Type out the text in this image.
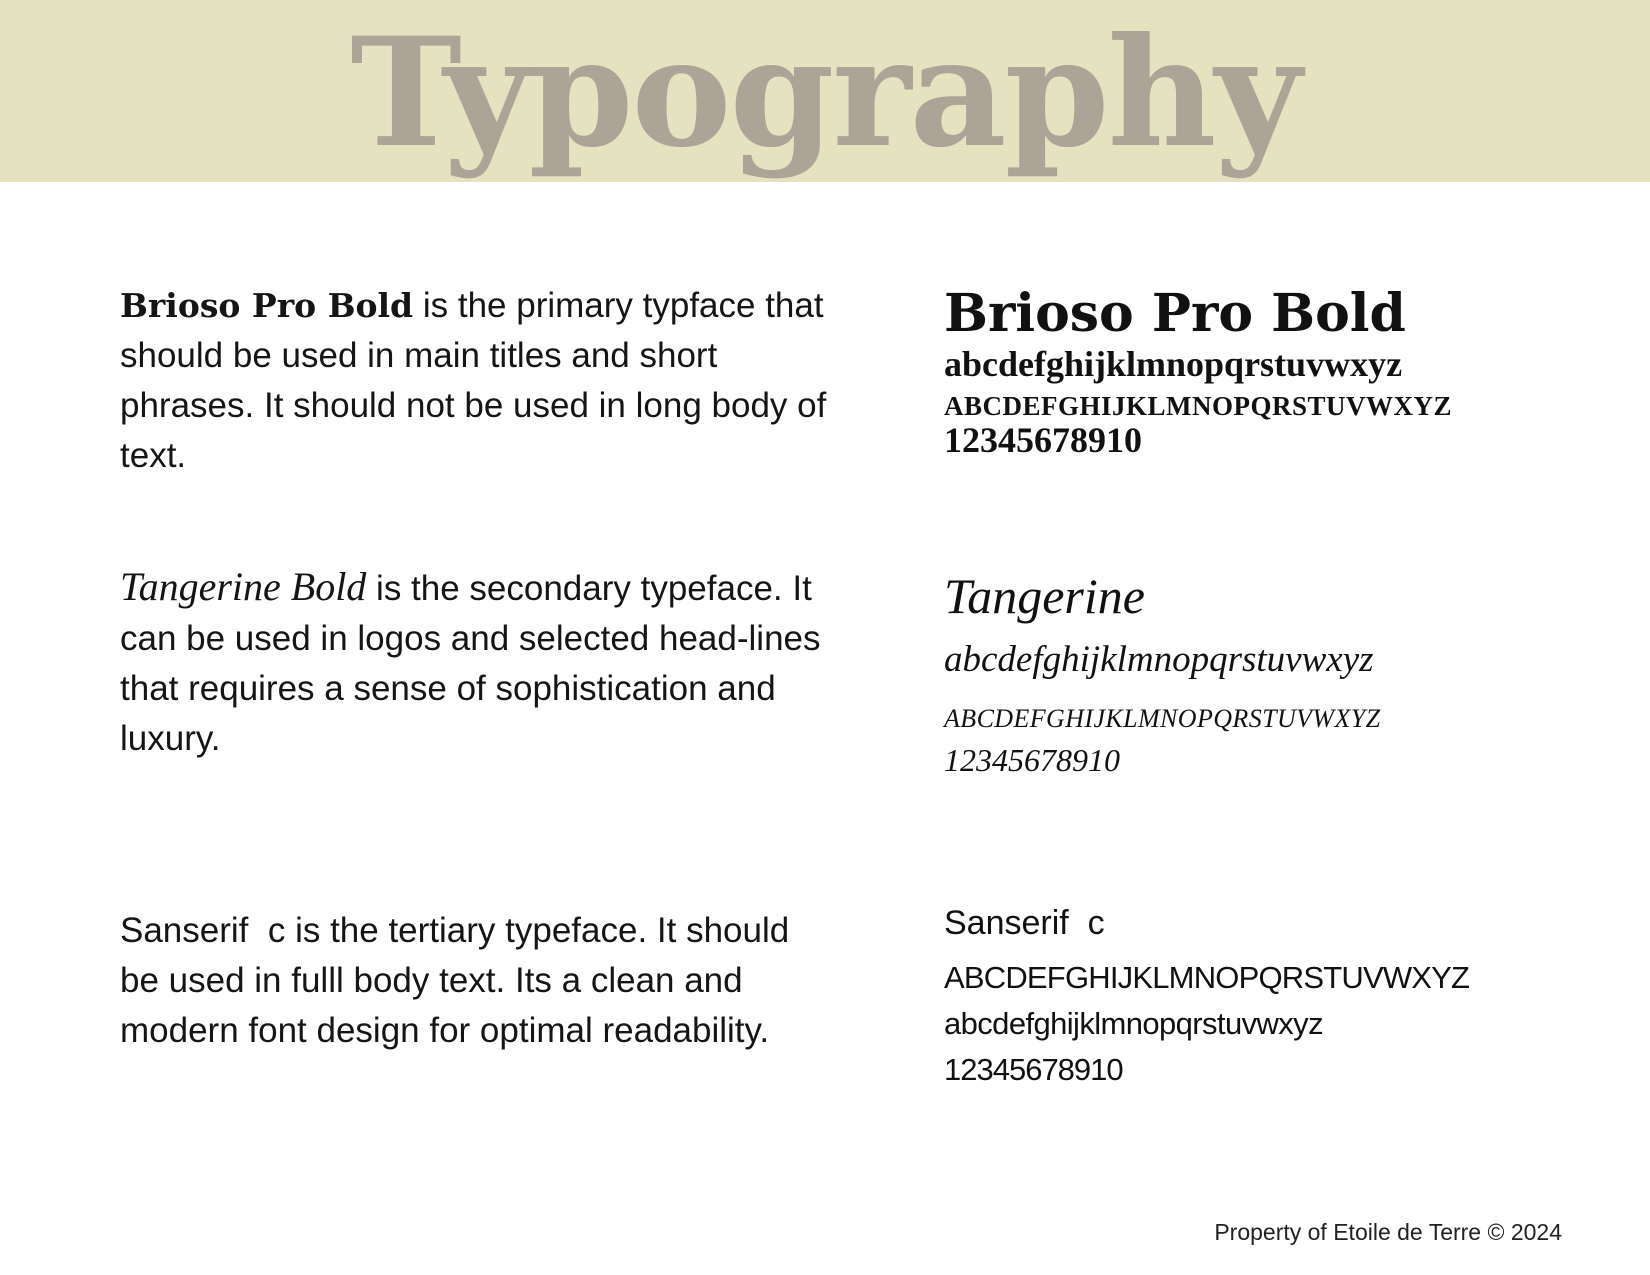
Typography
Brioso Pro Bold is the primary typface that should be used in main titles and short phrases. It should not be used in long body of text.
Tangerine Bold is the secondary typeface. It can be used in logos and selected head-lines that requires a sense of sophistication and luxury.
Sanserif  c is the tertiary typeface. It should be used in fulll body text. Its a clean and modern font design for optimal readability.
Brioso Pro Bold
abcdefghijklmnopqrstuvwxyz
ABCDEFGHIJKLMNOPQRSTUVWXYZ
12345678910
Tangerine
abcdefghijklmnopqrstuvwxyz
ABCDEFGHIJKLMNOPQRSTUVWXYZ
12345678910
Sanserif  c
ABCDEFGHIJKLMNOPQRSTUVWXYZ
abcdefghijklmnopqrstuvwxyz
12345678910
Property of Etoile de Terre © 2024
